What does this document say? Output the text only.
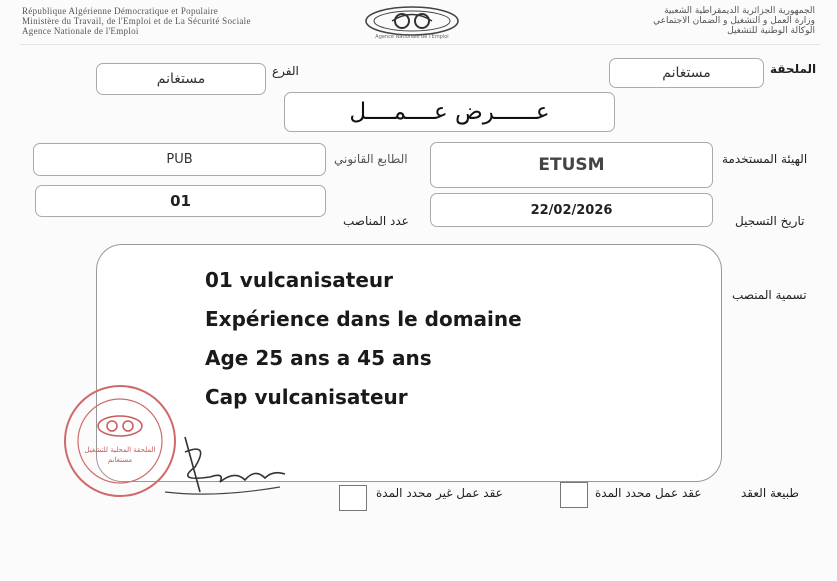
République Algérienne Démocratique et Populaire
Ministère du Travail, de l'Emploi et de La Sécurité Sociale
Agence Nationale de l'Emploi
Agence Nationale de l'Emploi
الجمهورية الجزائرية الديمقراطية الشعبية
وزارة العمل و التشغيل و الضمان الاجتماعي
الوكالة الوطنية للتشغيل
الملحقة
مستغانم
الفرع
مستغانم
عــــــرض عــــمــــل
الهيئة المستخدمة
ETUSM
الطابع القانوني
PUB
تاريخ التسجيل
22/02/2026
عدد المناصب
01
تسمية المنصب
01 vulcanisateur
Expérience dans le domaine
Age 25 ans a 45 ans
Cap vulcanisateur
الملحقة المحلية للتشغيل
مستغانم
طبيعة العقد
عقد عمل محدد المدة
عقد عمل غير محدد المدة
